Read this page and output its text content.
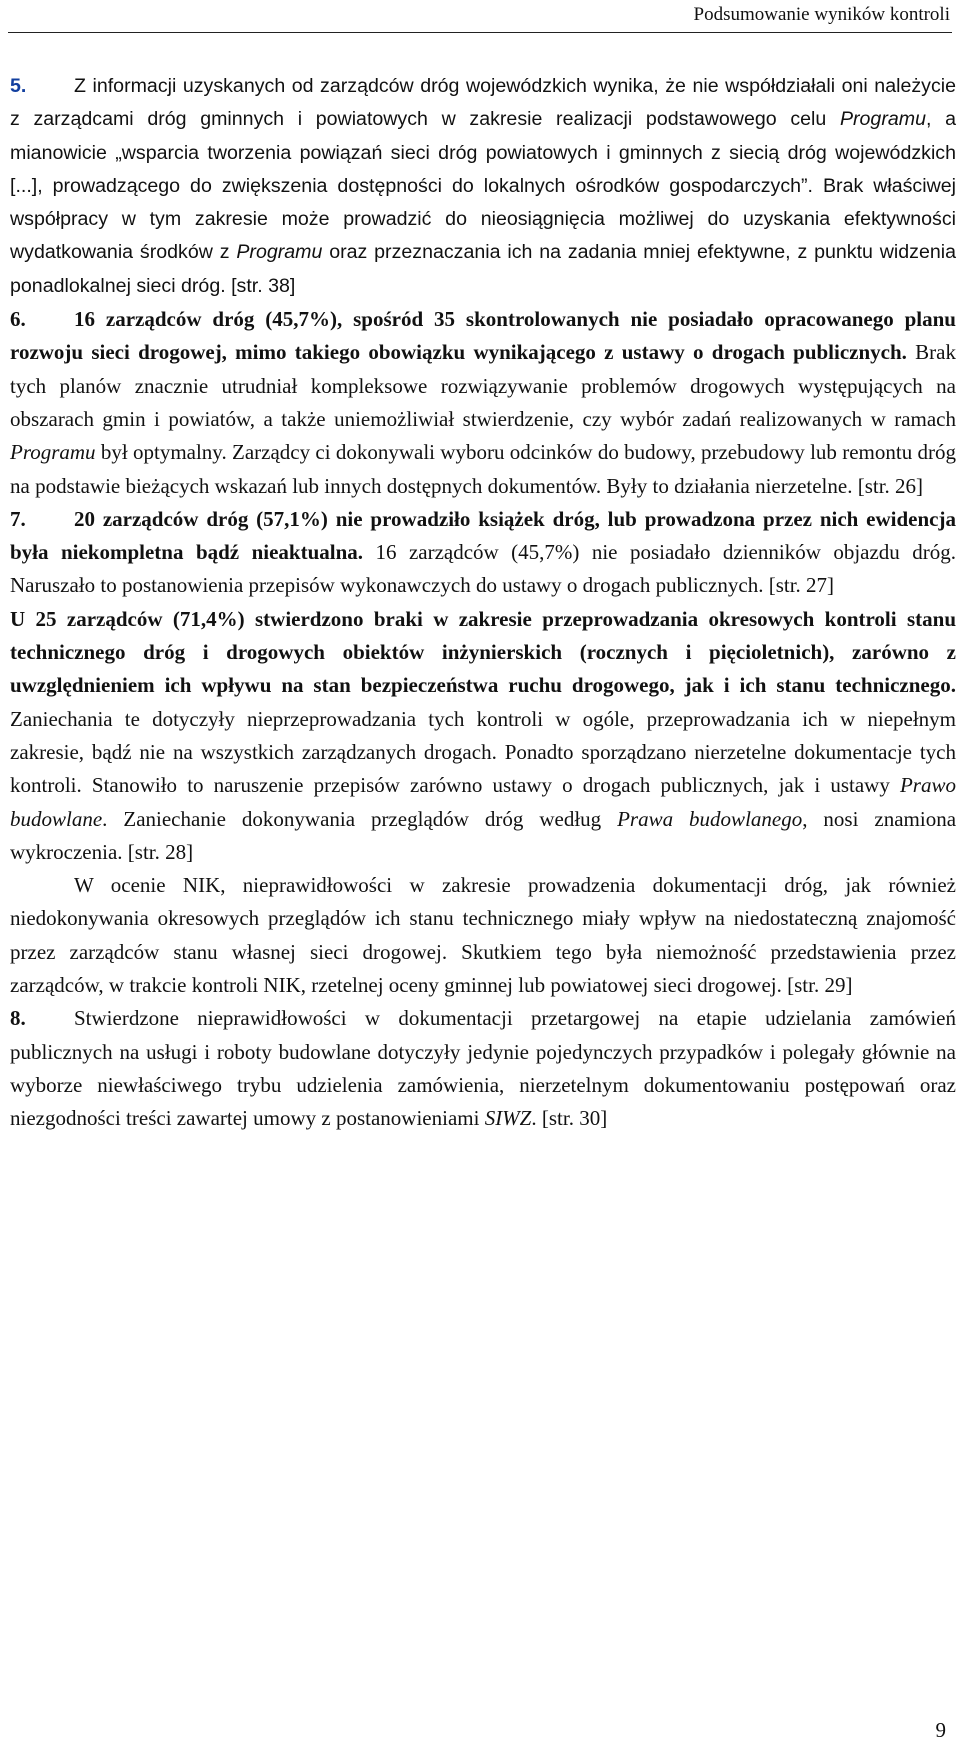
Podsumowanie wyników kontroli

5. Z informacji uzyskanych od zarządców dróg wojewódzkich wynika, że nie współdziałali oni należycie z zarządcami dróg gminnych i powiatowych w zakresie realizacji podstawowego celu Programu, a mianowicie „wsparcia tworzenia powiązań sieci dróg powiatowych i gminnych z siecią dróg wojewódzkich [...], prowadzącego do zwiększenia dostępności do lokalnych ośrodków gospodarczych”. Brak właściwej współpracy w tym zakresie może prowadzić do nieosiągnięcia możliwej do uzyskania efektywności wydatkowania środków z Programu oraz przeznaczania ich na zadania mniej efektywne, z punktu widzenia ponadlokalnej sieci dróg. [str. 38]

6. 16 zarządców dróg (45,7%), spośród 35 skontrolowanych nie posiadało opracowanego planu rozwoju sieci drogowej, mimo takiego obowiązku wynikającego z ustawy o drogach publicznych. Brak tych planów znacznie utrudniał kompleksowe rozwiązywanie problemów drogowych występujących na obszarach gmin i powiatów, a także uniemożliwiał stwierdzenie, czy wybór zadań realizowanych w ramach Programu był optymalny. Zarządcy ci dokonywali wyboru odcinków do budowy, przebudowy lub remontu dróg na podstawie bieżących wskazań lub innych dostępnych dokumentów. Były to działania nierzetelne. [str. 26]

7. 20 zarządców dróg (57,1%) nie prowadziło książek dróg, lub prowadzona przez nich ewidencja była niekompletna bądź nieaktualna. 16 zarządców (45,7%) nie posiadało dzienników objazdu dróg. Naruszało to postanowienia przepisów wykonawczych do ustawy o drogach publicznych. [str. 27]

U 25 zarządców (71,4%) stwierdzono braki w zakresie przeprowadzania okresowych kontroli stanu technicznego dróg i drogowych obiektów inżynierskich (rocznych i pięcioletnich), zarówno z uwzględnieniem ich wpływu na stan bezpieczeństwa ruchu drogowego, jak i ich stanu technicznego. Zaniechania te dotyczyły nieprzeprowadzania tych kontroli w ogóle, przeprowadzania ich w niepełnym zakresie, bądź nie na wszystkich zarządzanych drogach. Ponadto sporządzano nierzetelne dokumentacje tych kontroli. Stanowiło to naruszenie przepisów zarówno ustawy o drogach publicznych, jak i ustawy Prawo budowlane. Zaniechanie dokonywania przeglądów dróg według Prawa budowlanego, nosi znamiona wykroczenia. [str. 28]

W ocenie NIK, nieprawidłowości w zakresie prowadzenia dokumentacji dróg, jak również niedokonywania okresowych przeglądów ich stanu technicznego miały wpływ na niedostateczną znajomość przez zarządców stanu własnej sieci drogowej. Skutkiem tego była niemożność przedstawienia przez zarządców, w trakcie kontroli NIK, rzetelnej oceny gminnej lub powiatowej sieci drogowej. [str. 29]

8. Stwierdzone nieprawidłowości w dokumentacji przetargowej na etapie udzielania zamówień publicznych na usługi i roboty budowlane dotyczyły jedynie pojedynczych przypadków i polegały głównie na wyborze niewłaściwego trybu udzielenia zamówienia, nierzetelnym dokumentowaniu postępowań oraz niezgodności treści zawartej umowy z postanowieniami SIWZ. [str. 30]

9
